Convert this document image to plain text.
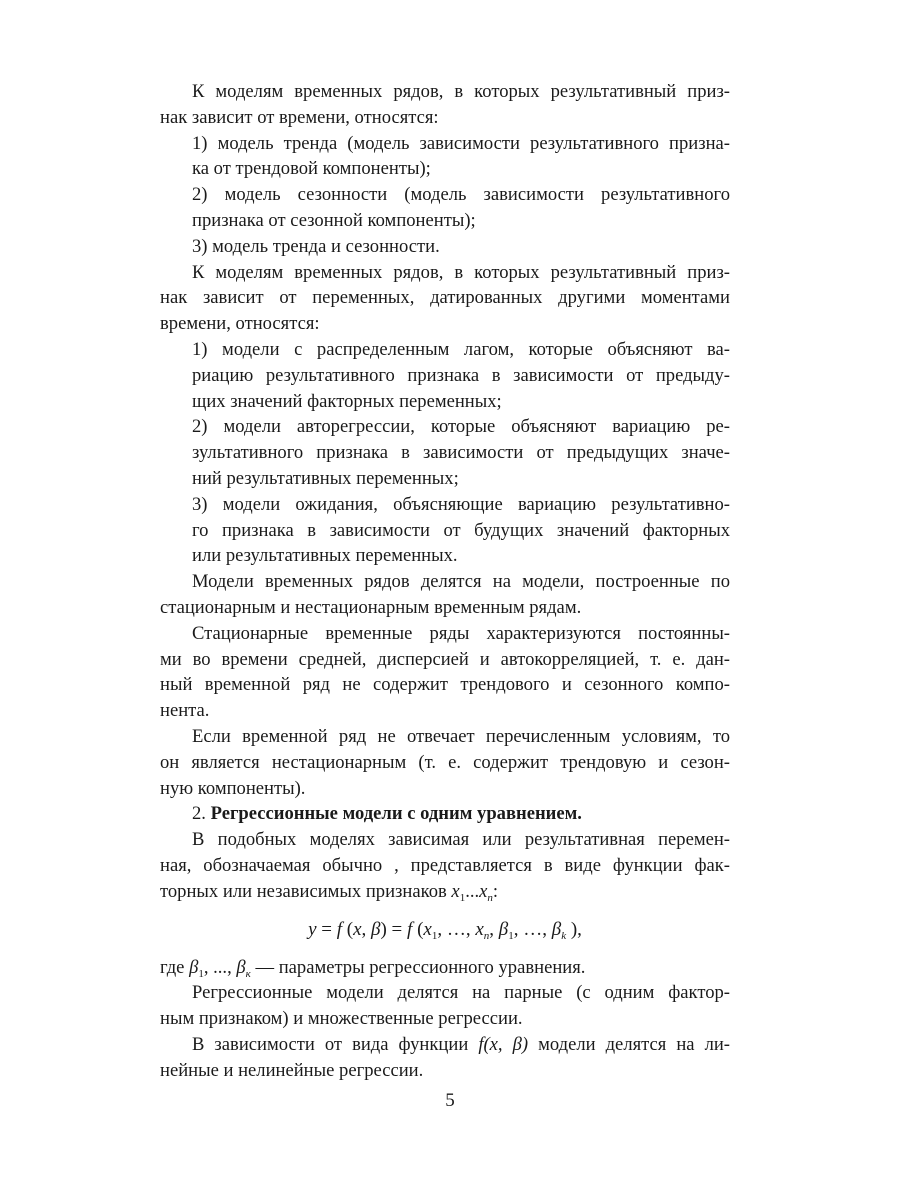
К моделям временных рядов, в которых результативный приз-
нак зависит от времени, относятся:
1) модель тренда (модель зависимости результативного призна-
ка от трендовой компоненты);
2) модель сезонности (модель зависимости результативного
признака от сезонной компоненты);
3) модель тренда и сезонности.
К моделям временных рядов, в которых результативный приз-
нак зависит от переменных, датированных другими моментами
времени, относятся:
1) модели с распределенным лагом, которые объясняют ва-
риацию результативного признака в зависимости от предыду-
щих значений факторных переменных;
2) модели авторегрессии, которые объясняют вариацию ре-
зультативного признака в зависимости от предыдущих значе-
ний результативных переменных;
3) модели ожидания, объясняющие вариацию результативно-
го признака в зависимости от будущих значений факторных
или результативных переменных.
Модели временных рядов делятся на модели, построенные по
стационарным и нестационарным временным рядам.
Стационарные временные ряды характеризуются постоянны-
ми во времени средней, дисперсией и автокорреляцией, т. е. дан-
ный временной ряд не содержит трендового и сезонного компо-
нента.
Если временной ряд не отвечает перечисленным условиям, то
он является нестационарным (т. е. содержит трендовую и сезон-
ную компоненты).
2. Регрессионные модели с одним уравнением.
В подобных моделях зависимая или результативная перемен-
ная, обозначаемая обычно , представляется в виде функции фак-
торных или независимых признаков $x_1...x_n$:
y = f (x, β) = f ($x_1$, …, $x_n$, $\beta_1$, …, $\beta_k$ ),
где $\beta_1$, ..., $\beta_к$ — параметры регрессионного уравнения.
Регрессионные модели делятся на парные (с одним фактор-
ным признаком) и множественные регрессии.
В зависимости от вида функции f(x, β) модели делятся на ли-
нейные и нелинейные регрессии.
5
